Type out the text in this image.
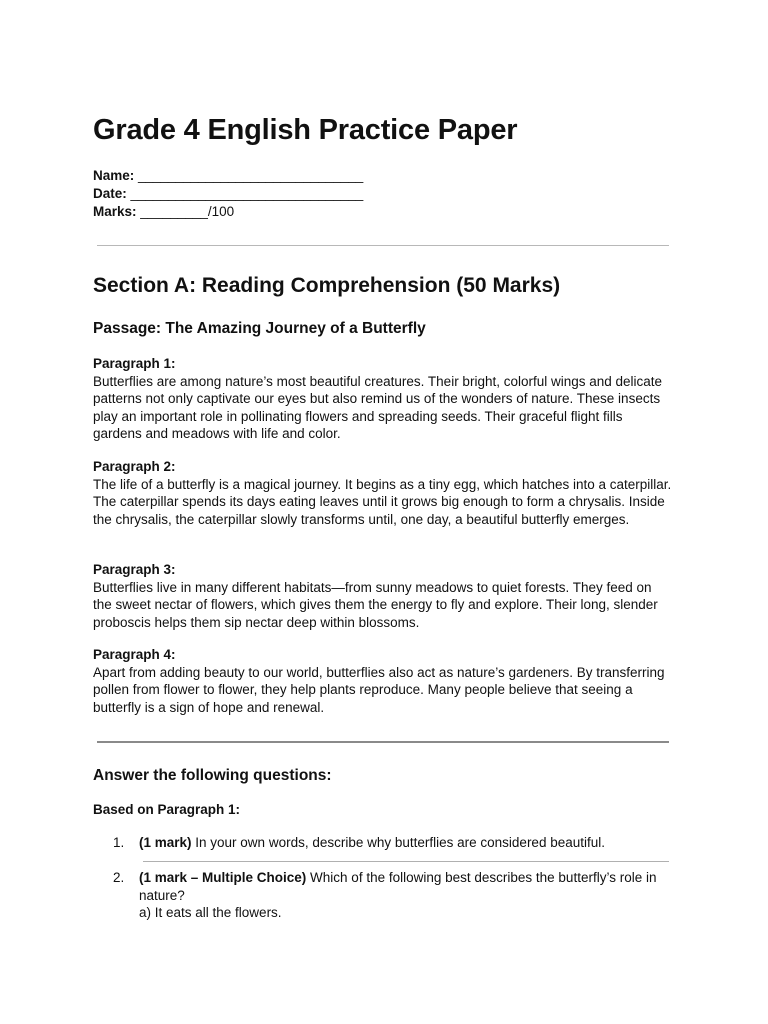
Grade 4 English Practice Paper
Name: ______________________________
Date: _______________________________
Marks: _________/100
Section A: Reading Comprehension (50 Marks)
Passage: The Amazing Journey of a Butterfly
Paragraph 1:
Butterflies are among nature’s most beautiful creatures. Their bright, colorful wings and delicate patterns not only captivate our eyes but also remind us of the wonders of nature. These insects play an important role in pollinating flowers and spreading seeds. Their graceful flight fills gardens and meadows with life and color.
Paragraph 2:
The life of a butterfly is a magical journey. It begins as a tiny egg, which hatches into a caterpillar. The caterpillar spends its days eating leaves until it grows big enough to form a chrysalis. Inside the chrysalis, the caterpillar slowly transforms until, one day, a beautiful butterfly emerges.
Paragraph 3:
Butterflies live in many different habitats—from sunny meadows to quiet forests. They feed on the sweet nectar of flowers, which gives them the energy to fly and explore. Their long, slender proboscis helps them sip nectar deep within blossoms.
Paragraph 4:
Apart from adding beauty to our world, butterflies also act as nature’s gardeners. By transferring pollen from flower to flower, they help plants reproduce. Many people believe that seeing a butterfly is a sign of hope and renewal.
Answer the following questions:
Based on Paragraph 1:
1. (1 mark) In your own words, describe why butterflies are considered beautiful.
2. (1 mark – Multiple Choice) Which of the following best describes the butterfly’s role in nature?
a) It eats all the flowers.
